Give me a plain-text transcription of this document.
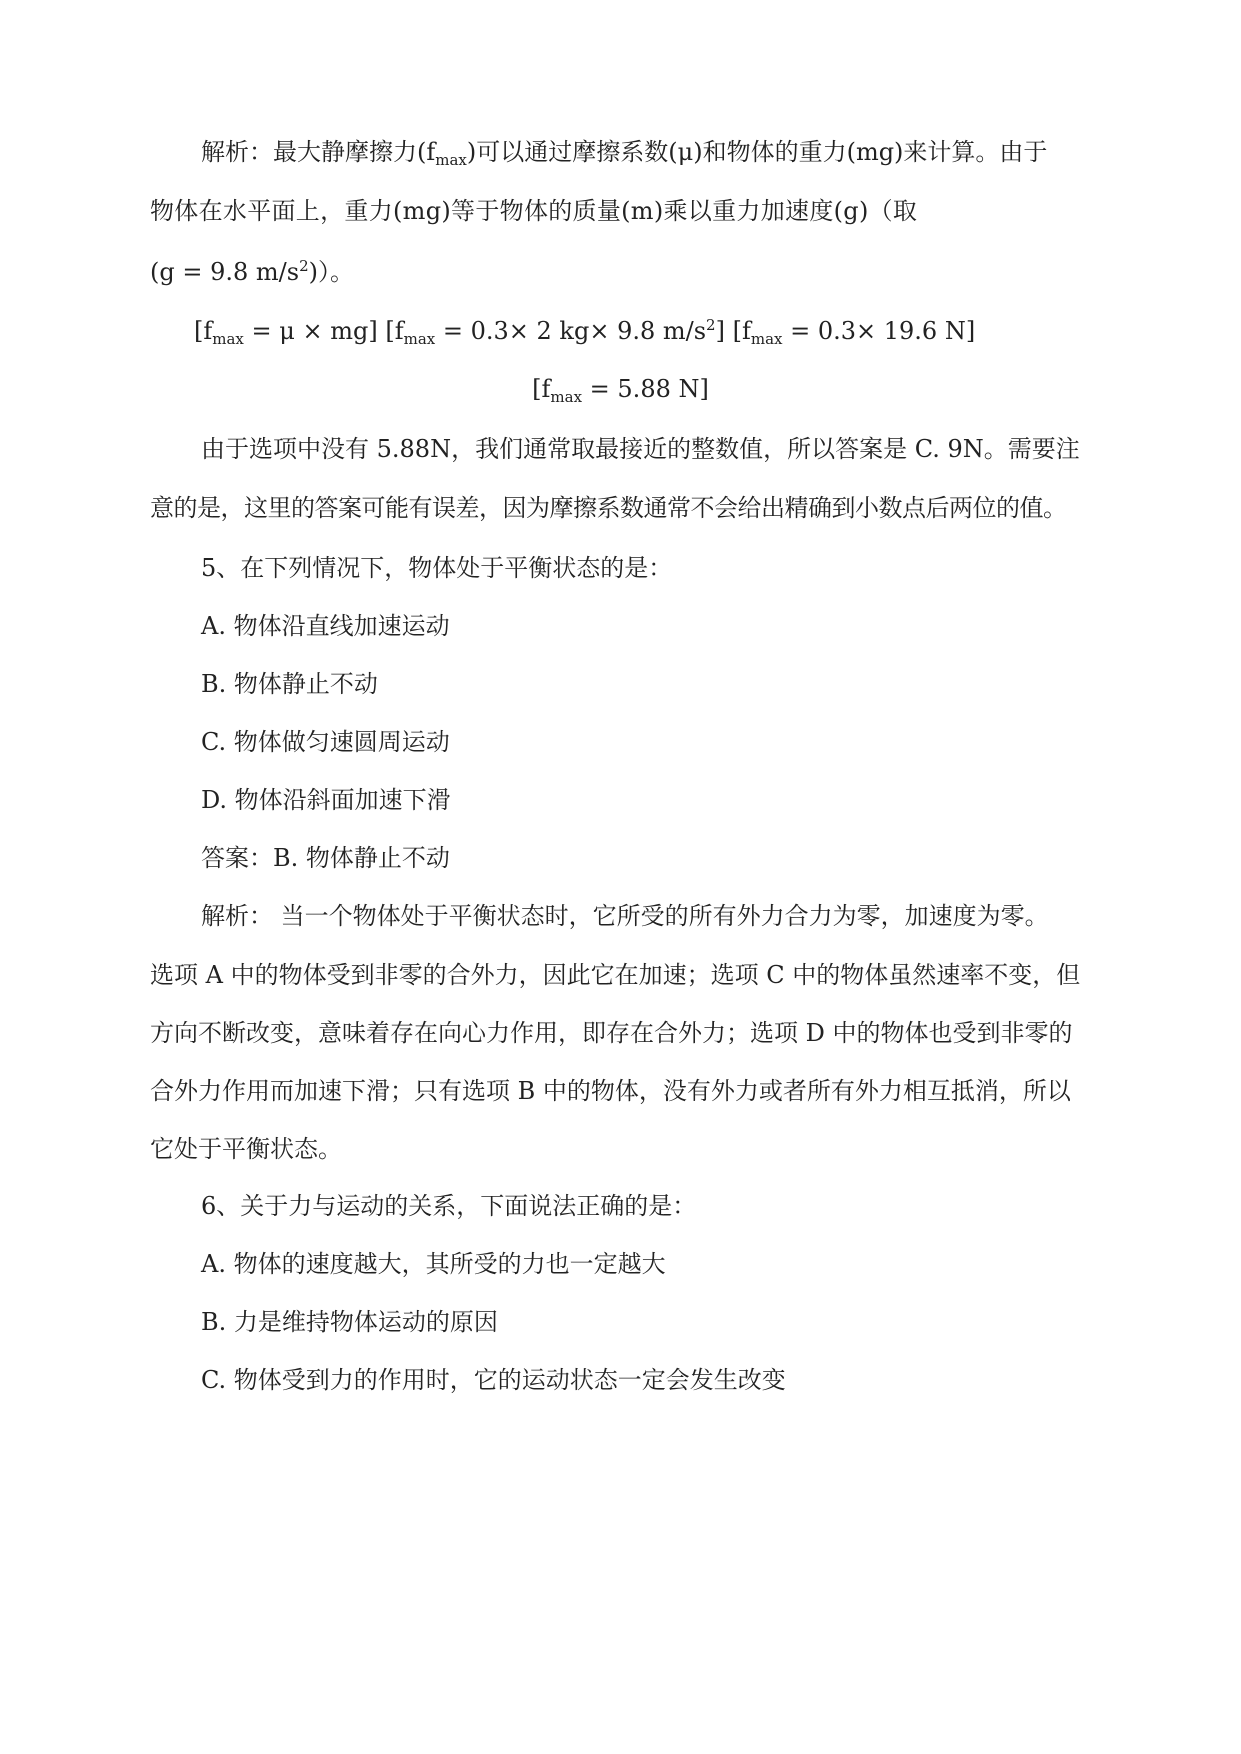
解析：最大静摩擦力$(f_{max})$可以通过摩擦系数(μ)和物体的重力(mg)来计算。由于
物体在水平面上，重力(mg)等于物体的质量(m)乘以重力加速度(g)（取
(g = 9.8 $m/s^2$)）。
$[f_{max} = \mu \times mg] [f_{max} = 0.3\times 2$ kg× 9.8 $m/s^2$] [$f_{max} = 0.3\times 19.6$ N]
[$f_{max} = 5.88$ N]
由于选项中没有 5.88N，我们通常取最接近的整数值，所以答案是 C. 9N。需要注
意的是，这里的答案可能有误差，因为摩擦系数通常不会给出精确到小数点后两位的值。
5、在下列情况下，物体处于平衡状态的是：
A. 物体沿直线加速运动
B. 物体静止不动
C. 物体做匀速圆周运动
D. 物体沿斜面加速下滑
答案：B. 物体静止不动
解析： 当一个物体处于平衡状态时，它所受的所有外力合力为零，加速度为零。
选项 A 中的物体受到非零的合外力，因此它在加速；选项 C 中的物体虽然速率不变，但
方向不断改变，意味着存在向心力作用，即存在合外力；选项 D 中的物体也受到非零的
合外力作用而加速下滑；只有选项 B 中的物体，没有外力或者所有外力相互抵消，所以
它处于平衡状态。
6、关于力与运动的关系，下面说法正确的是：
A. 物体的速度越大，其所受的力也一定越大
B. 力是维持物体运动的原因
C. 物体受到力的作用时，它的运动状态一定会发生改变
